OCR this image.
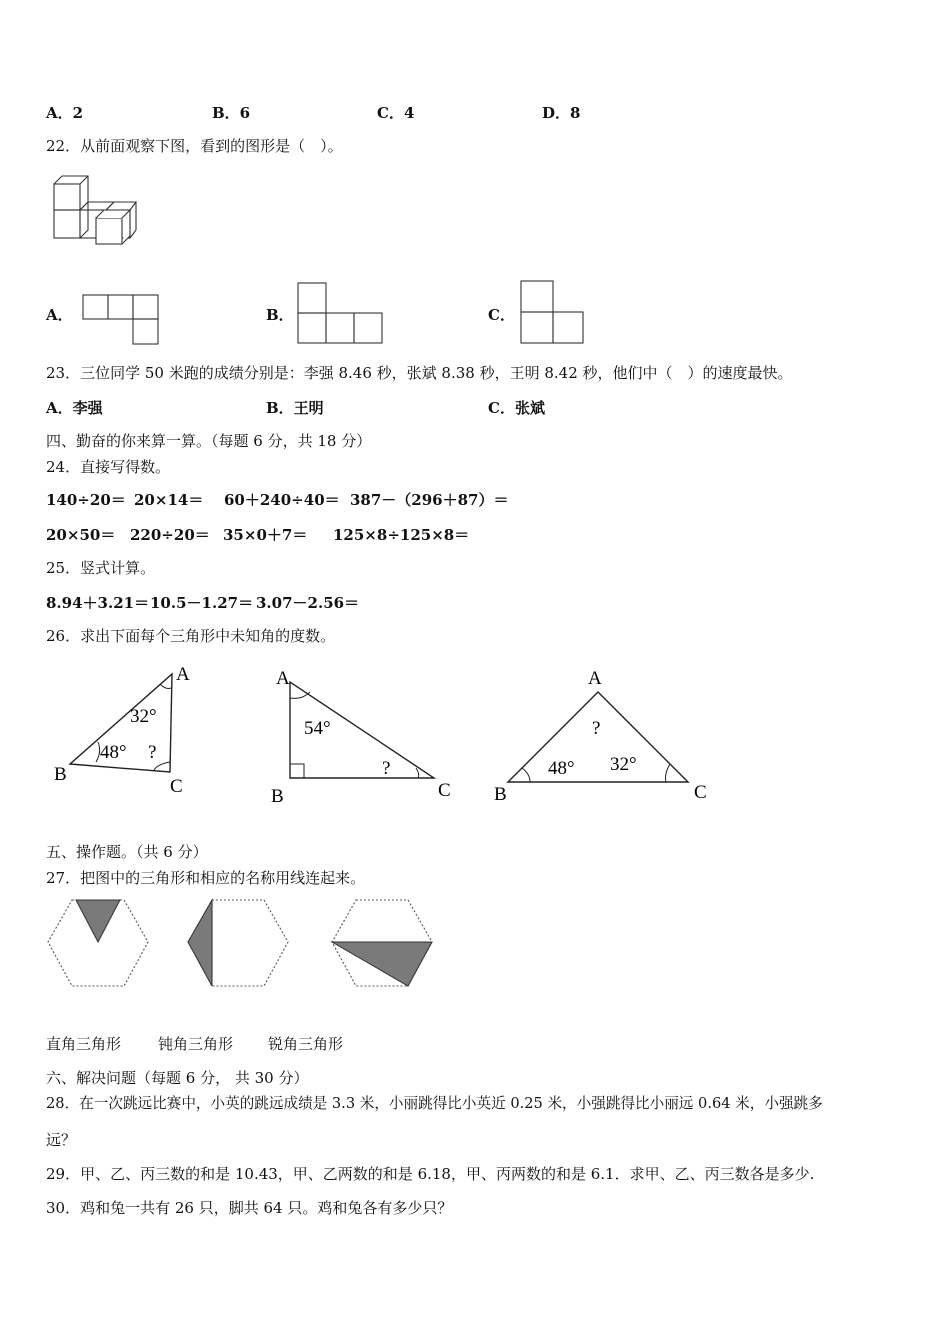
A．2	B．6	C．4	D．8
22．从前面观察下图，看到的图形是（　）。
A．	B．	C．
23．三位同学 50 米跑的成绩分别是：李强 8.46 秒，张斌 8.38 秒，王明 8.42 秒，他们中（　）的速度最快。
A．李强	B．王明	C．张斌
四、勤奋的你来算一算。（每题 6 分，共 18 分）
24．直接写得数。
140÷20＝ 20×14＝ 60＋240÷40＝ 387－（296＋87）＝
20×50＝ 220÷20＝ 35×0＋7＝ 125×8÷125×8＝
25．竖式计算。
8.94＋3.21＝ 10.5－1.27＝ 3.07－2.56＝
26．求出下面每个三角形中未知角的度数。
A
B
C
32°
48° ?
A
B	C
54°
?
A
B	C
?
48° 32°
五、操作题。（共 6 分）
27．把图中的三角形和相应的名称用线连起来。
直角三角形 钝角三角形 锐角三角形
六、解决问题（每题 6 分， 共 30 分）
28．在一次跳远比赛中，小英的跳远成绩是 3.3 米，小丽跳得比小英近 0.25 米，小强跳得比小丽远 0.64 米，小强跳多
远？
29．甲、乙、丙三数的和是 10.43，甲、乙两数的和是 6.18，甲、丙两数的和是 6.1．求甲、乙、丙三数各是多少.
30．鸡和兔一共有 26 只，脚共 64 只。鸡和兔各有多少只？
